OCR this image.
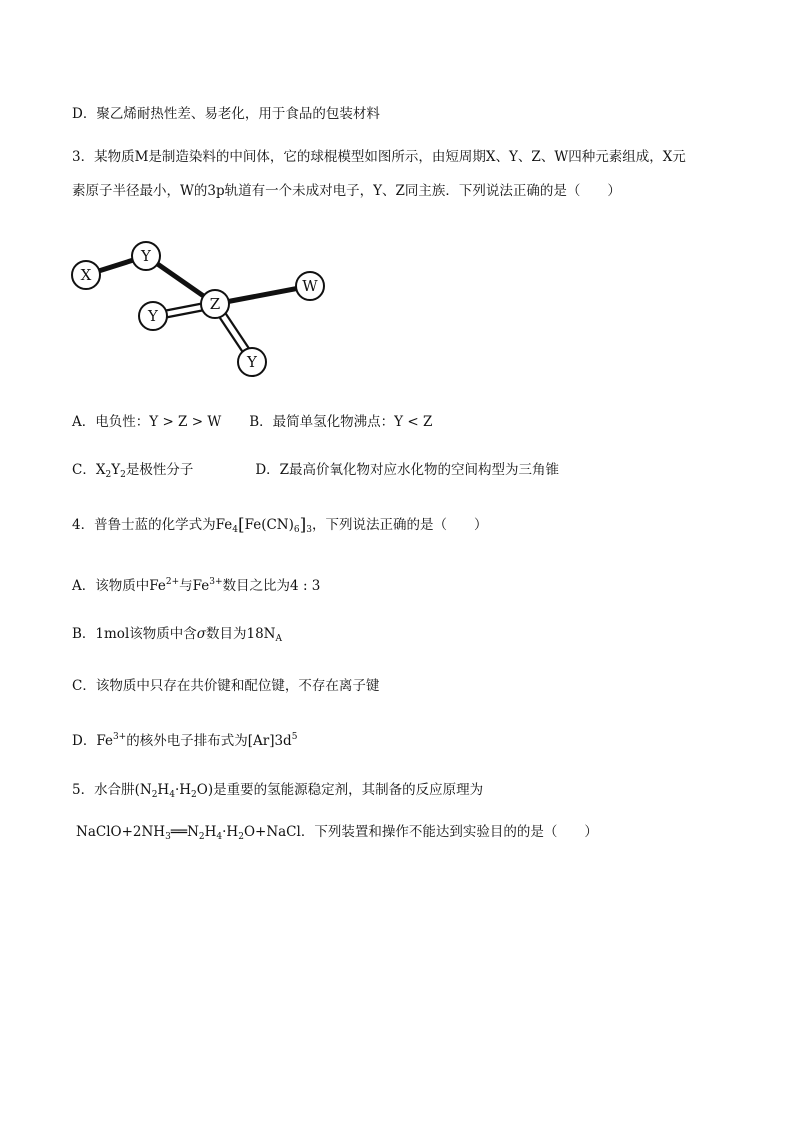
D．聚乙烯耐热性差、易老化，用于食品的包装材料
3．某物质M是制造染料的中间体，它的球棍模型如图所示，由短周期X、Y、Z、W四种元素组成，X元
素原子半径最小，W的3p轨道有一个未成对电子，Y、Z同主族．下列说法正确的是（　　）
X
Y
Z
W
Y
Y
A．电负性：Y > Z > W B．最简单氢化物沸点：Y < Z
C．$X_2Y_2$是极性分子	D．Z最高价氧化物对应水化物的空间构型为三角锥
4．普鲁士蓝的化学式为$Fe_4[Fe(CN)_6]_3$，下列说法正确的是（　　）
A．该物质中$Fe^{2+}$与$Fe^{3+}$数目之比为4 : 3
B．1mol该物质中含σ数目为$18N_A$
C．该物质中只存在共价键和配位键，不存在离子键
D．$Fe^{3+}$的核外电子排布式为$[Ar]3d^5$
5．水合肼$(N_2H_4\cdot H_2O)$是重要的氢能源稳定剂，其制备的反应原理为
$NaClO+2NH_3══N_2H_4\cdot H_2O+NaCl$．下列装置和操作不能达到实验目的的是（　　）
